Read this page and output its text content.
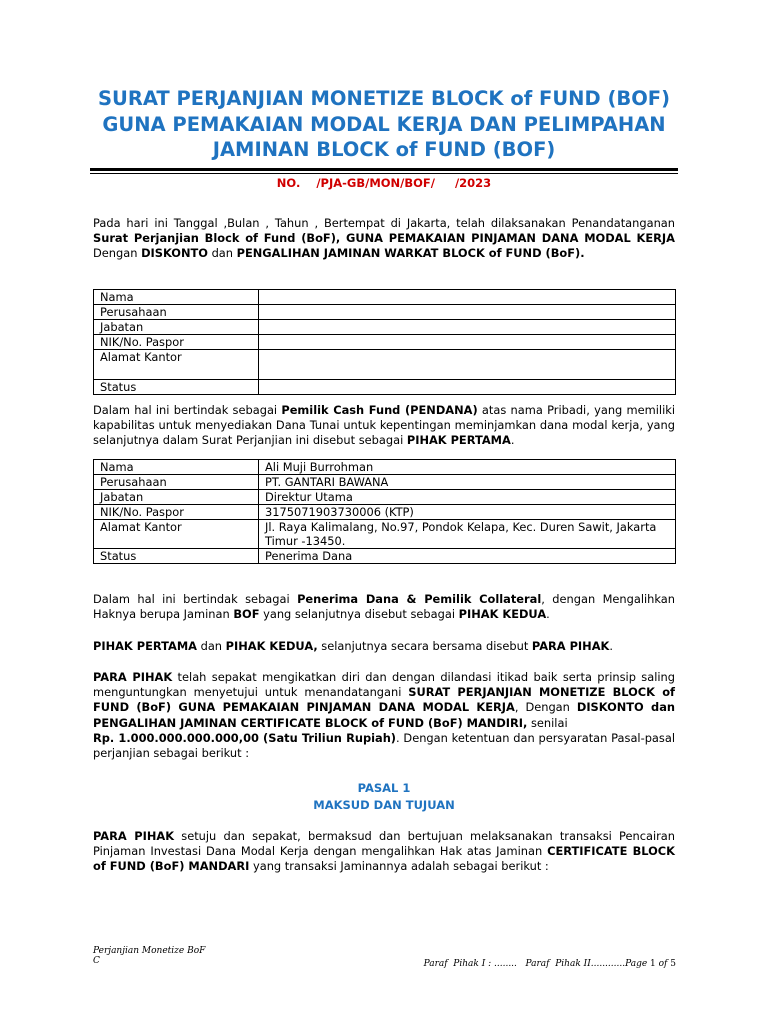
SURAT PERJANJIAN MONETIZE BLOCK of FUND (BOF)
GUNA PEMAKAIAN MODAL KERJA DAN PELIMPAHAN
JAMINAN BLOCK of FUND (BOF)
NO.    /PJA-GB/MON/BOF/     /2023
Pada hari ini Tanggal ,Bulan , Tahun , Bertempat di Jakarta, telah dilaksanakan Penandatanganan Surat Perjanjian Block of Fund (BoF), GUNA PEMAKAIAN PINJAMAN DANA MODAL KERJA Dengan DISKONTO dan PENGALIHAN JAMINAN WARKAT BLOCK of FUND (BoF).
Nama	
Perusahaan	
Jabatan	
NIK/No. Paspor	
Alamat Kantor	
Status	
Dalam hal ini bertindak sebagai Pemilik Cash Fund (PENDANA) atas nama Pribadi, yang memiliki kapabilitas untuk menyediakan Dana Tunai untuk kepentingan meminjamkan dana modal kerja, yang selanjutnya dalam Surat Perjanjian ini disebut sebagai PIHAK PERTAMA.
Nama	Ali Muji Burrohman
Perusahaan	PT. GANTARI BAWANA
Jabatan	Direktur Utama
NIK/No. Paspor	3175071903730006 (KTP)
Alamat Kantor	Jl. Raya Kalimalang, No.97, Pondok Kelapa, Kec. Duren Sawit, Jakarta Timur -13450.
Status	Penerima Dana
Dalam hal ini bertindak sebagai Penerima Dana & Pemilik Collateral, dengan Mengalihkan Haknya berupa Jaminan BOF yang selanjutnya disebut sebagai PIHAK KEDUA.
PIHAK PERTAMA dan PIHAK KEDUA, selanjutnya secara bersama disebut PARA PIHAK.
PARA PIHAK telah sepakat mengikatkan diri dan dengan dilandasi itikad baik serta prinsip saling menguntungkan menyetujui untuk menandatangani SURAT PERJANJIAN MONETIZE BLOCK of FUND (BoF) GUNA PEMAKAIAN PINJAMAN DANA MODAL KERJA, Dengan DISKONTO dan PENGALIHAN JAMINAN CERTIFICATE BLOCK of FUND (BoF) MANDIRI, senilai
Rp. 1.000.000.000.000,00 (Satu Triliun Rupiah). Dengan ketentuan dan persyaratan Pasal-pasal perjanjian sebagai berikut :
PASAL 1
MAKSUD DAN TUJUAN
PARA PIHAK setuju dan sepakat, bermaksud dan bertujuan melaksanakan transaksi Pencairan Pinjaman Investasi Dana Modal Kerja dengan mengalihkan Hak atas Jaminan CERTIFICATE BLOCK of FUND (BoF) MANDARI yang transaksi Jaminannya adalah sebagai berikut :
Perjanjian Monetize BoF
C	Paraf  Pihak I : ........   Paraf  Pihak II............Page 1 of 5
